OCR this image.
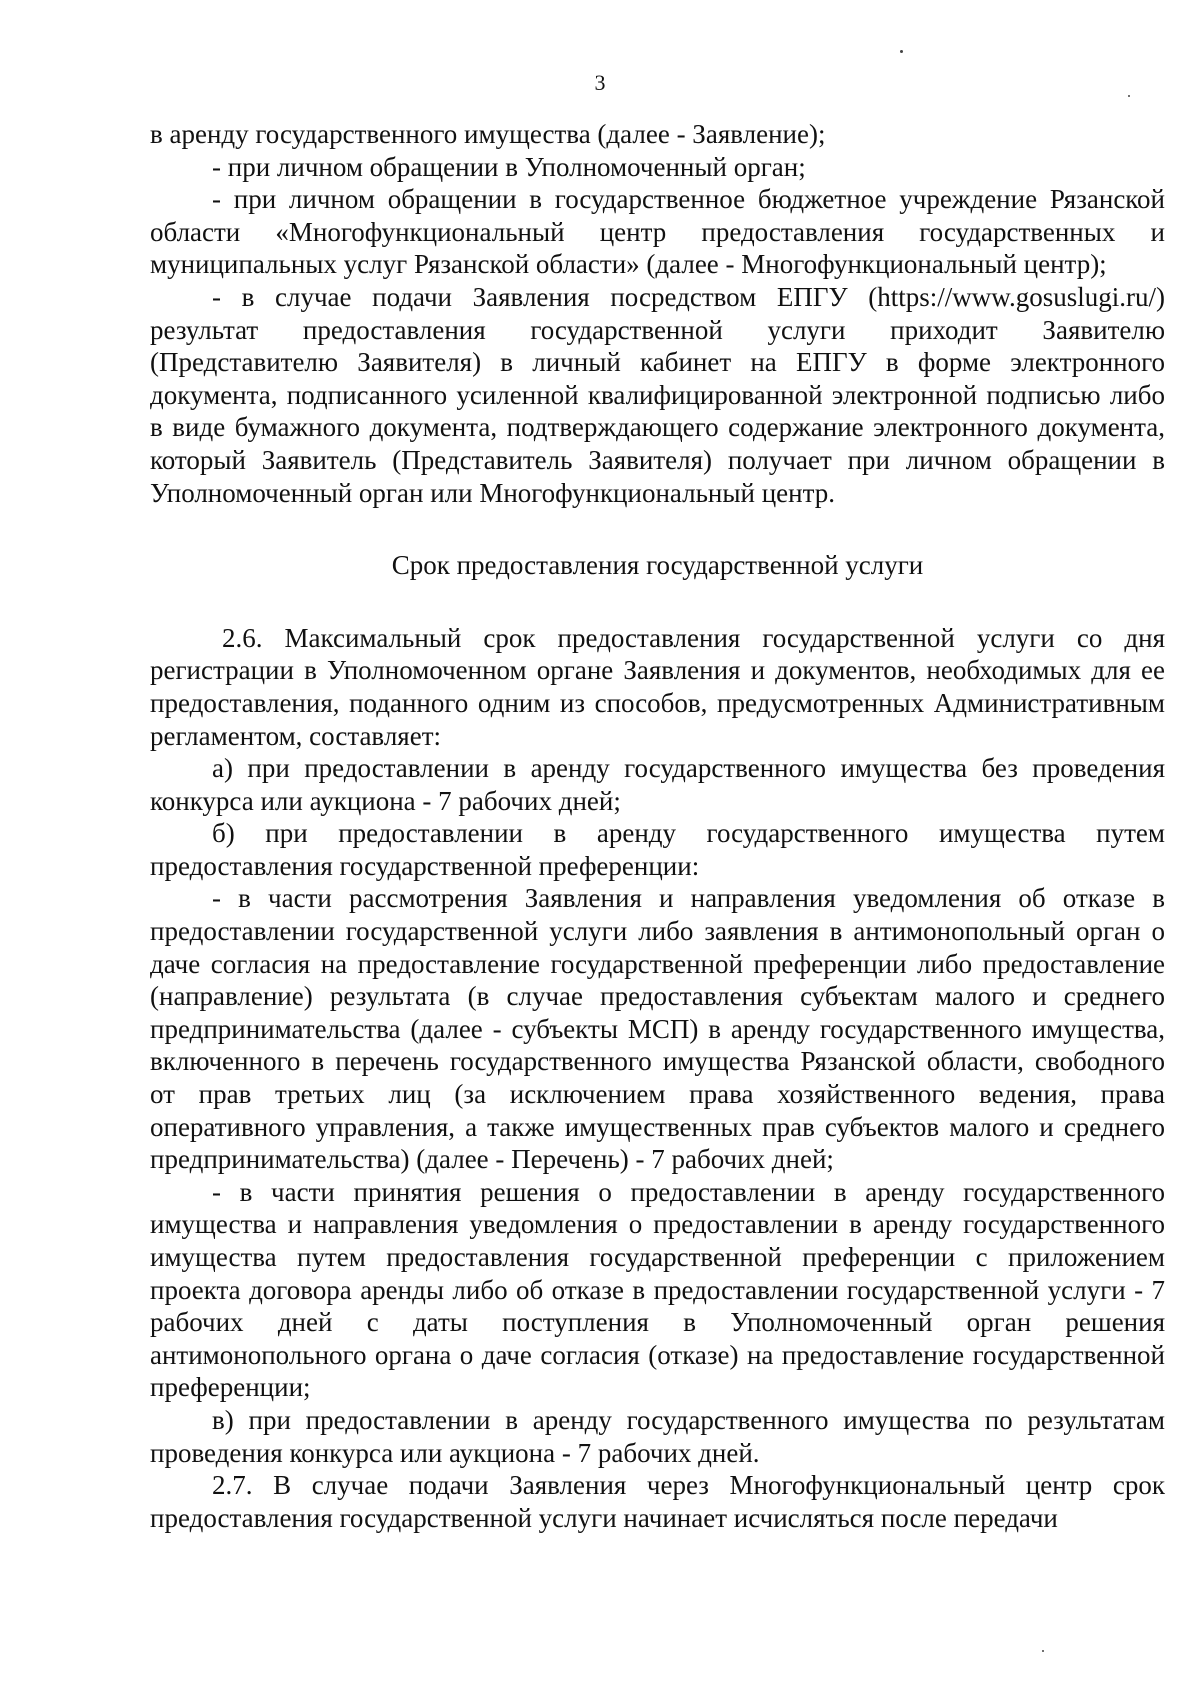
3

в аренду государственного имущества (далее - Заявление);

- при личном обращении в Уполномоченный орган;

- при личном обращении в государственное бюджетное учреждение Рязанской области «Многофункциональный центр предоставления государственных и муниципальных услуг Рязанской области» (далее - Многофункциональный центр);

- в случае подачи Заявления посредством ЕПГУ (https://www.gosuslugi.ru/) результат предоставления государственной услуги приходит Заявителю (Представителю Заявителя) в личный кабинет на ЕПГУ в форме электронного документа, подписанного усиленной квалифицированной электронной подписью либо в виде бумажного документа, подтверждающего содержание электронного документа, который Заявитель (Представитель Заявителя) получает при личном обращении в Уполномоченный орган или Многофункциональный центр.

Срок предоставления государственной услуги

2.6. Максимальный срок предоставления государственной услуги со дня регистрации в Уполномоченном органе Заявления и документов, необходимых для ее предоставления, поданного одним из способов, предусмотренных Административным регламентом, составляет:

а) при предоставлении в аренду государственного имущества без проведения конкурса или аукциона - 7 рабочих дней;

б) при предоставлении в аренду государственного имущества путем предоставления государственной преференции:

- в части рассмотрения Заявления и направления уведомления об отказе в предоставлении государственной услуги либо заявления в антимонопольный орган о даче согласия на предоставление государственной преференции либо предоставление (направление) результата (в случае предоставления субъектам малого и среднего предпринимательства (далее - субъекты МСП) в аренду государственного имущества, включенного в перечень государственного имущества Рязанской области, свободного от прав третьих лиц (за исключением права хозяйственного ведения, права оперативного управления, а также имущественных прав субъектов малого и среднего предпринимательства) (далее - Перечень) - 7 рабочих дней;

- в части принятия решения о предоставлении в аренду государственного имущества и направления уведомления о предоставлении в аренду государственного имущества путем предоставления государственной преференции с приложением проекта договора аренды либо об отказе в предоставлении государственной услуги - 7 рабочих дней с даты поступления в Уполномоченный орган решения антимонопольного органа о даче согласия (отказе) на предоставление государственной преференции;

в) при предоставлении в аренду государственного имущества по результатам проведения конкурса или аукциона - 7 рабочих дней.

2.7. В случае подачи Заявления через Многофункциональный центр срок предоставления государственной услуги начинает исчисляться после передачи
